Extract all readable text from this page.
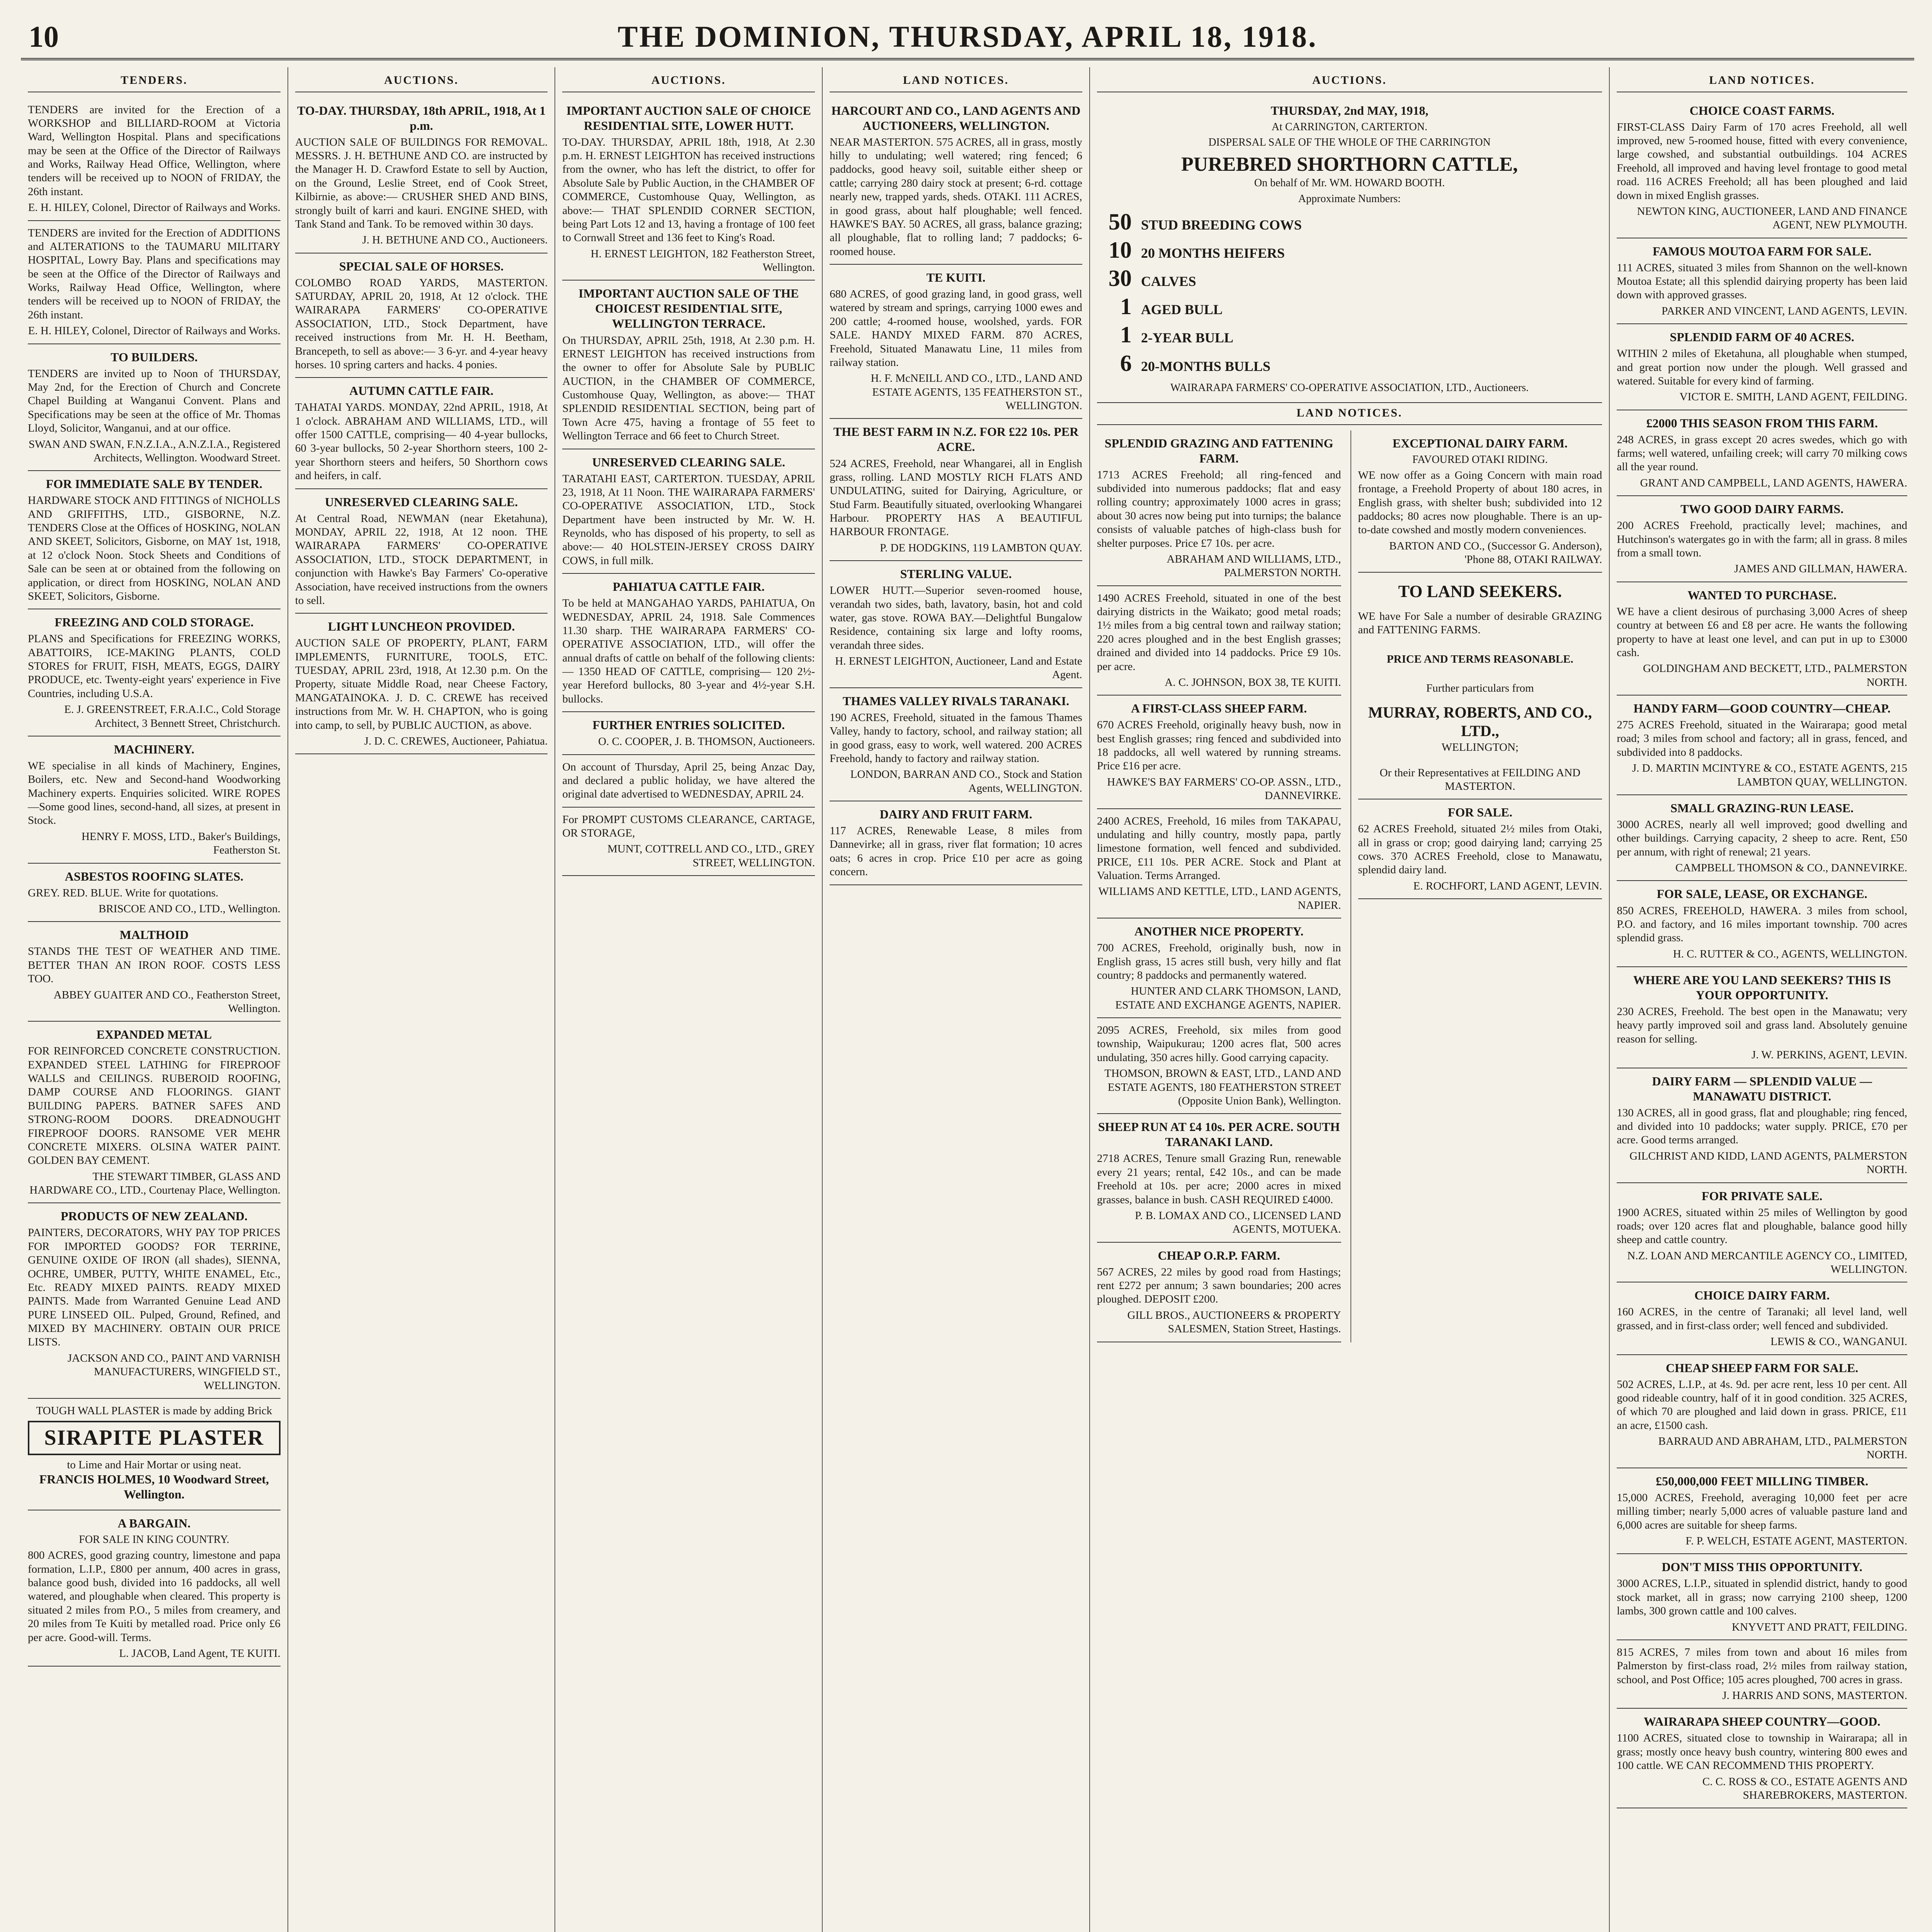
10	THE DOMINION, THURSDAY, APRIL 18, 1918.
TENDERS.
TENDERS are invited for the Erection of a WORKSHOP and BILLIARD-ROOM at Victoria Ward, Wellington Hospital. Plans and specifications may be seen at the Office of the Director of Railways and Works, Railway Head Office, Wellington, where tenders will be received up to NOON of FRIDAY, the 26th instant.
E. H. HILEY, Colonel, Director of Railways and Works.
TENDERS are invited for the Erection of ADDITIONS and ALTERATIONS to the TAUMARU MILITARY HOSPITAL, Lowry Bay. Plans and specifications may be seen at the Office of the Director of Railways and Works, Railway Head Office, Wellington, where tenders will be received up to NOON of FRIDAY, the 26th instant.
E. H. HILEY, Colonel, Director of Railways and Works.
TO BUILDERS.
TENDERS are invited up to Noon of THURSDAY, May 2nd, for the Erection of Church and Concrete Chapel Building at Wanganui Convent. Plans and Specifications may be seen at the office of Mr. Thomas Lloyd, Solicitor, Wanganui, and at our office.
SWAN AND SWAN, F.N.Z.I.A., A.N.Z.I.A., Registered Architects, Wellington. Woodward Street.
FOR IMMEDIATE SALE BY TENDER.
HARDWARE STOCK AND FITTINGS of NICHOLLS AND GRIFFITHS, LTD., GISBORNE, N.Z. TENDERS Close at the Offices of HOSKING, NOLAN AND SKEET, Solicitors, Gisborne, on MAY 1st, 1918, at 12 o'clock Noon. Stock Sheets and Conditions of Sale can be seen at or obtained from the following on application, or direct from HOSKING, NOLAN AND SKEET, Solicitors, Gisborne.
FREEZING AND COLD STORAGE.
PLANS and Specifications for FREEZING WORKS, ABATTOIRS, ICE-MAKING PLANTS, COLD STORES for FRUIT, FISH, MEATS, EGGS, DAIRY PRODUCE, etc. Twenty-eight years' experience in Five Countries, including U.S.A.
E. J. GREENSTREET, F.R.A.I.C., Cold Storage Architect, 3 Bennett Street, Christchurch.
MACHINERY.
WE specialise in all kinds of Machinery, Engines, Boilers, etc. New and Second-hand Woodworking Machinery experts. Enquiries solicited. WIRE ROPES—Some good lines, second-hand, all sizes, at present in Stock.
HENRY F. MOSS, LTD., Baker's Buildings, Featherston St.
ASBESTOS ROOFING SLATES.
GREY. RED. BLUE. Write for quotations.
BRISCOE AND CO., LTD., Wellington.
MALTHOID
STANDS THE TEST OF WEATHER AND TIME. BETTER THAN AN IRON ROOF. COSTS LESS TOO.
ABBEY GUAITER AND CO., Featherston Street, Wellington.
EXPANDED METAL
FOR REINFORCED CONCRETE CONSTRUCTION. EXPANDED STEEL LATHING for FIREPROOF WALLS and CEILINGS. RUBEROID ROOFING, DAMP COURSE AND FLOORINGS. GIANT BUILDING PAPERS. BATNER SAFES AND STRONG-ROOM DOORS. DREADNOUGHT FIREPROOF DOORS. RANSOME VER MEHR CONCRETE MIXERS. OLSINA WATER PAINT. GOLDEN BAY CEMENT.
THE STEWART TIMBER, GLASS AND HARDWARE CO., LTD., Courtenay Place, Wellington.
PRODUCTS OF NEW ZEALAND.
PAINTERS, DECORATORS, WHY PAY TOP PRICES FOR IMPORTED GOODS? FOR TERRINE, GENUINE OXIDE OF IRON (all shades), SIENNA, OCHRE, UMBER, PUTTY, WHITE ENAMEL, Etc., Etc. READY MIXED PAINTS. READY MIXED PAINTS. Made from Warranted Genuine Lead AND PURE LINSEED OIL. Pulped, Ground, Refined, and MIXED BY MACHINERY. OBTAIN OUR PRICE LISTS.
JACKSON AND CO., PAINT AND VARNISH MANUFACTURERS, WINGFIELD ST., WELLINGTON.
TOUGH WALL PLASTER is made by adding Brick
SIRAPITE PLASTER
to Lime and Hair Mortar or using neat.
FRANCIS HOLMES, 10 Woodward Street, Wellington.
A BARGAIN.
FOR SALE IN KING COUNTRY.
800 ACRES, good grazing country, limestone and papa formation, L.I.P., £800 per annum, 400 acres in grass, balance good bush, divided into 16 paddocks, all well watered, and ploughable when cleared. This property is situated 2 miles from P.O., 5 miles from creamery, and 20 miles from Te Kuiti by metalled road. Price only £6 per acre. Good-will. Terms.
L. JACOB, Land Agent, TE KUITI.
AUCTIONS.
TO-DAY. THURSDAY, 18th APRIL, 1918, At 1 p.m.
AUCTION SALE OF BUILDINGS FOR REMOVAL. MESSRS. J. H. BETHUNE AND CO. are instructed by the Manager H. D. Crawford Estate to sell by Auction, on the Ground, Leslie Street, end of Cook Street, Kilbirnie, as above:— CRUSHER SHED AND BINS, strongly built of karri and kauri. ENGINE SHED, with Tank Stand and Tank. To be removed within 30 days.
J. H. BETHUNE AND CO., Auctioneers.
SPECIAL SALE OF HORSES.
COLOMBO ROAD YARDS, MASTERTON. SATURDAY, APRIL 20, 1918, At 12 o'clock. THE WAIRARAPA FARMERS' CO-OPERATIVE ASSOCIATION, LTD., Stock Department, have received instructions from Mr. H. H. Beetham, Brancepeth, to sell as above:— 3 6-yr. and 4-year heavy horses. 10 spring carters and hacks. 4 ponies.
AUTUMN CATTLE FAIR.
TAHATAI YARDS. MONDAY, 22nd APRIL, 1918, At 1 o'clock. ABRAHAM AND WILLIAMS, LTD., will offer 1500 CATTLE, comprising— 40 4-year bullocks, 60 3-year bullocks, 50 2-year Shorthorn steers, 100 2-year Shorthorn steers and heifers, 50 Shorthorn cows and heifers, in calf.
UNRESERVED CLEARING SALE.
At Central Road, NEWMAN (near Eketahuna), MONDAY, APRIL 22, 1918, At 12 noon. THE WAIRARAPA FARMERS' CO-OPERATIVE ASSOCIATION, LTD., STOCK DEPARTMENT, in conjunction with Hawke's Bay Farmers' Co-operative Association, have received instructions from the owners to sell.
LIGHT LUNCHEON PROVIDED.
AUCTION SALE OF PROPERTY, PLANT, FARM IMPLEMENTS, FURNITURE, TOOLS, ETC. TUESDAY, APRIL 23rd, 1918, At 12.30 p.m. On the Property, situate Middle Road, near Cheese Factory, MANGATAINOKA. J. D. C. CREWE has received instructions from Mr. W. H. CHAPTON, who is going into camp, to sell, by PUBLIC AUCTION, as above.
J. D. C. CREWES, Auctioneer, Pahiatua.
AUCTIONS.
IMPORTANT AUCTION SALE OF CHOICE RESIDENTIAL SITE, LOWER HUTT.
TO-DAY. THURSDAY, APRIL 18th, 1918, At 2.30 p.m. H. ERNEST LEIGHTON has received instructions from the owner, who has left the district, to offer for Absolute Sale by Public Auction, in the CHAMBER OF COMMERCE, Customhouse Quay, Wellington, as above:— THAT SPLENDID CORNER SECTION, being Part Lots 12 and 13, having a frontage of 100 feet to Cornwall Street and 136 feet to King's Road.
H. ERNEST LEIGHTON, 182 Featherston Street, Wellington.
IMPORTANT AUCTION SALE OF THE CHOICEST RESIDENTIAL SITE, WELLINGTON TERRACE.
On THURSDAY, APRIL 25th, 1918, At 2.30 p.m. H. ERNEST LEIGHTON has received instructions from the owner to offer for Absolute Sale by PUBLIC AUCTION, in the CHAMBER OF COMMERCE, Customhouse Quay, Wellington, as above:— THAT SPLENDID RESIDENTIAL SECTION, being part of Town Acre 475, having a frontage of 55 feet to Wellington Terrace and 66 feet to Church Street.
UNRESERVED CLEARING SALE.
TARATAHI EAST, CARTERTON. TUESDAY, APRIL 23, 1918, At 11 Noon. THE WAIRARAPA FARMERS' CO-OPERATIVE ASSOCIATION, LTD., Stock Department have been instructed by Mr. W. H. Reynolds, who has disposed of his property, to sell as above:— 40 HOLSTEIN-JERSEY CROSS DAIRY COWS, in full milk.
PAHIATUA CATTLE FAIR.
To be held at MANGAHAO YARDS, PAHIATUA, On WEDNESDAY, APRIL 24, 1918. Sale Commences 11.30 sharp. THE WAIRARAPA FARMERS' CO-OPERATIVE ASSOCIATION, LTD., will offer the annual drafts of cattle on behalf of the following clients:— 1350 HEAD OF CATTLE, comprising— 120 2½-year Hereford bullocks, 80 3-year and 4½-year S.H. bullocks.
FURTHER ENTRIES SOLICITED.
O. C. COOPER, J. B. THOMSON, Auctioneers.
On account of Thursday, April 25, being Anzac Day, and declared a public holiday, we have altered the original date advertised to WEDNESDAY, APRIL 24.
For PROMPT CUSTOMS CLEARANCE, CARTAGE, OR STORAGE,
MUNT, COTTRELL AND CO., LTD., GREY STREET, WELLINGTON.
LAND NOTICES.
HARCOURT AND CO., LAND AGENTS AND AUCTIONEERS, WELLINGTON.
NEAR MASTERTON. 575 ACRES, all in grass, mostly hilly to undulating; well watered; ring fenced; 6 paddocks, good heavy soil, suitable either sheep or cattle; carrying 280 dairy stock at present; 6-rd. cottage nearly new, trapped yards, sheds. OTAKI. 111 ACRES, in good grass, about half ploughable; well fenced. HAWKE'S BAY. 50 ACRES, all grass, balance grazing; all ploughable, flat to rolling land; 7 paddocks; 6-roomed house.
TE KUITI.
680 ACRES, of good grazing land, in good grass, well watered by stream and springs, carrying 1000 ewes and 200 cattle; 4-roomed house, woolshed, yards. FOR SALE. HANDY MIXED FARM. 870 ACRES, Freehold, Situated Manawatu Line, 11 miles from railway station.
H. F. McNEILL AND CO., LTD., LAND AND ESTATE AGENTS, 135 FEATHERSTON ST., WELLINGTON.
THE BEST FARM IN N.Z. FOR £22 10s. PER ACRE.
524 ACRES, Freehold, near Whangarei, all in English grass, rolling. LAND MOSTLY RICH FLATS AND UNDULATING, suited for Dairying, Agriculture, or Stud Farm. Beautifully situated, overlooking Whangarei Harbour. PROPERTY HAS A BEAUTIFUL HARBOUR FRONTAGE.
P. DE HODGKINS, 119 LAMBTON QUAY.
STERLING VALUE.
LOWER HUTT.—Superior seven-roomed house, verandah two sides, bath, lavatory, basin, hot and cold water, gas stove. ROWA BAY.—Delightful Bungalow Residence, containing six large and lofty rooms, verandah three sides.
H. ERNEST LEIGHTON, Auctioneer, Land and Estate Agent.
THAMES VALLEY RIVALS TARANAKI.
190 ACRES, Freehold, situated in the famous Thames Valley, handy to factory, school, and railway station; all in good grass, easy to work, well watered. 200 ACRES Freehold, handy to factory and railway station.
LONDON, BARRAN AND CO., Stock and Station Agents, WELLINGTON.
DAIRY AND FRUIT FARM.
117 ACRES, Renewable Lease, 8 miles from Dannevirke; all in grass, river flat formation; 10 acres oats; 6 acres in crop. Price £10 per acre as going concern.
AUCTIONS.
THURSDAY, 2nd MAY, 1918,
At CARRINGTON, CARTERTON.
DISPERSAL SALE OF THE WHOLE OF THE CARRINGTON
PUREBRED SHORTHORN CATTLE,
On behalf of Mr. WM. HOWARD BOOTH.
Approximate Numbers:
50 STUD BREEDING COWS
10 20 MONTHS HEIFERS
30 CALVES
1 AGED BULL
1 2-YEAR BULL
6 20-MONTHS BULLS
WAIRARAPA FARMERS' CO-OPERATIVE ASSOCIATION, LTD., Auctioneers.
LAND NOTICES.
SPLENDID GRAZING AND FATTENING FARM.
1713 ACRES Freehold; all ring-fenced and subdivided into numerous paddocks; flat and easy rolling country; approximately 1000 acres in grass; about 30 acres now being put into turnips; the balance consists of valuable patches of high-class bush for shelter purposes. Price £7 10s. per acre.
ABRAHAM AND WILLIAMS, LTD., PALMERSTON NORTH.
1490 ACRES Freehold, situated in one of the best dairying districts in the Waikato; good metal roads; 1½ miles from a big central town and railway station; 220 acres ploughed and in the best English grasses; drained and divided into 14 paddocks. Price £9 10s. per acre.
A. C. JOHNSON, BOX 38, TE KUITI.
A FIRST-CLASS SHEEP FARM.
670 ACRES Freehold, originally heavy bush, now in best English grasses; ring fenced and subdivided into 18 paddocks, all well watered by running streams. Price £16 per acre.
HAWKE'S BAY FARMERS' CO-OP. ASSN., LTD., DANNEVIRKE.
2400 ACRES, Freehold, 16 miles from TAKAPAU, undulating and hilly country, mostly papa, partly limestone formation, well fenced and subdivided. PRICE, £11 10s. PER ACRE. Stock and Plant at Valuation. Terms Arranged.
WILLIAMS AND KETTLE, LTD., LAND AGENTS, NAPIER.
ANOTHER NICE PROPERTY.
700 ACRES, Freehold, originally bush, now in English grass, 15 acres still bush, very hilly and flat country; 8 paddocks and permanently watered.
HUNTER AND CLARK THOMSON, LAND, ESTATE AND EXCHANGE AGENTS, NAPIER.
2095 ACRES, Freehold, six miles from good township, Waipukurau; 1200 acres flat, 500 acres undulating, 350 acres hilly. Good carrying capacity.
THOMSON, BROWN & EAST, LTD., LAND AND ESTATE AGENTS, 180 FEATHERSTON STREET (Opposite Union Bank), Wellington.
SHEEP RUN AT £4 10s. PER ACRE. SOUTH TARANAKI LAND.
2718 ACRES, Tenure small Grazing Run, renewable every 21 years; rental, £42 10s., and can be made Freehold at 10s. per acre; 2000 acres in mixed grasses, balance in bush. CASH REQUIRED £4000.
P. B. LOMAX AND CO., LICENSED LAND AGENTS, MOTUEKA.
CHEAP O.R.P. FARM.
567 ACRES, 22 miles by good road from Hastings; rent £272 per annum; 3 sawn boundaries; 200 acres ploughed. DEPOSIT £200.
GILL BROS., AUCTIONEERS & PROPERTY SALESMEN, Station Street, Hastings.
EXCEPTIONAL DAIRY FARM.
FAVOURED OTAKI RIDING.
WE now offer as a Going Concern with main road frontage, a Freehold Property of about 180 acres, in English grass, with shelter bush; subdivided into 12 paddocks; 80 acres now ploughable. There is an up-to-date cowshed and mostly modern conveniences.
BARTON AND CO., (Successor G. Anderson), 'Phone 88, OTAKI RAILWAY.
TO LAND SEEKERS.
WE have For Sale a number of desirable GRAZING and FATTENING FARMS.
PRICE AND TERMS REASONABLE.
Further particulars from
MURRAY, ROBERTS, AND CO., LTD.,
WELLINGTON;
Or their Representatives at FEILDING AND MASTERTON.
FOR SALE.
62 ACRES Freehold, situated 2½ miles from Otaki, all in grass or crop; good dairying land; carrying 25 cows. 370 ACRES Freehold, close to Manawatu, splendid dairy land.
E. ROCHFORT, LAND AGENT, LEVIN.
LAND NOTICES.
CHOICE COAST FARMS.
FIRST-CLASS Dairy Farm of 170 acres Freehold, all well improved, new 5-roomed house, fitted with every convenience, large cowshed, and substantial outbuildings. 104 ACRES Freehold, all improved and having level frontage to good metal road. 116 ACRES Freehold; all has been ploughed and laid down in mixed English grasses.
NEWTON KING, AUCTIONEER, LAND AND FINANCE AGENT, NEW PLYMOUTH.
FAMOUS MOUTOA FARM FOR SALE.
111 ACRES, situated 3 miles from Shannon on the well-known Moutoa Estate; all this splendid dairying property has been laid down with approved grasses.
PARKER AND VINCENT, LAND AGENTS, LEVIN.
SPLENDID FARM OF 40 ACRES.
WITHIN 2 miles of Eketahuna, all ploughable when stumped, and great portion now under the plough. Well grassed and watered. Suitable for every kind of farming.
VICTOR E. SMITH, LAND AGENT, FEILDING.
£2000 THIS SEASON FROM THIS FARM.
248 ACRES, in grass except 20 acres swedes, which go with farms; well watered, unfailing creek; will carry 70 milking cows all the year round.
GRANT AND CAMPBELL, LAND AGENTS, HAWERA.
TWO GOOD DAIRY FARMS.
200 ACRES Freehold, practically level; machines, and Hutchinson's watergates go in with the farm; all in grass. 8 miles from a small town.
JAMES AND GILLMAN, HAWERA.
WANTED TO PURCHASE.
WE have a client desirous of purchasing 3,000 Acres of sheep country at between £6 and £8 per acre. He wants the following property to have at least one level, and can put in up to £3000 cash.
GOLDINGHAM AND BECKETT, LTD., PALMERSTON NORTH.
HANDY FARM—GOOD COUNTRY—CHEAP.
275 ACRES Freehold, situated in the Wairarapa; good metal road; 3 miles from school and factory; all in grass, fenced, and subdivided into 8 paddocks.
J. D. MARTIN MCINTYRE & CO., ESTATE AGENTS, 215 LAMBTON QUAY, WELLINGTON.
SMALL GRAZING-RUN LEASE.
3000 ACRES, nearly all well improved; good dwelling and other buildings. Carrying capacity, 2 sheep to acre. Rent, £50 per annum, with right of renewal; 21 years.
CAMPBELL THOMSON & CO., DANNEVIRKE.
FOR SALE, LEASE, OR EXCHANGE.
850 ACRES, FREEHOLD, HAWERA. 3 miles from school, P.O. and factory, and 16 miles important township. 700 acres splendid grass.
H. C. RUTTER & CO., AGENTS, WELLINGTON.
WHERE ARE YOU LAND SEEKERS? THIS IS YOUR OPPORTUNITY.
230 ACRES, Freehold. The best open in the Manawatu; very heavy partly improved soil and grass land. Absolutely genuine reason for selling.
J. W. PERKINS, AGENT, LEVIN.
DAIRY FARM — SPLENDID VALUE — MANAWATU DISTRICT.
130 ACRES, all in good grass, flat and ploughable; ring fenced, and divided into 10 paddocks; water supply. PRICE, £70 per acre. Good terms arranged.
GILCHRIST AND KIDD, LAND AGENTS, PALMERSTON NORTH.
FOR PRIVATE SALE.
1900 ACRES, situated within 25 miles of Wellington by good roads; over 120 acres flat and ploughable, balance good hilly sheep and cattle country.
N.Z. LOAN AND MERCANTILE AGENCY CO., LIMITED, WELLINGTON.
CHOICE DAIRY FARM.
160 ACRES, in the centre of Taranaki; all level land, well grassed, and in first-class order; well fenced and subdivided.
LEWIS & CO., WANGANUI.
CHEAP SHEEP FARM FOR SALE.
502 ACRES, L.I.P., at 4s. 9d. per acre rent, less 10 per cent. All good rideable country, half of it in good condition. 325 ACRES, of which 70 are ploughed and laid down in grass. PRICE, £11 an acre, £1500 cash.
BARRAUD AND ABRAHAM, LTD., PALMERSTON NORTH.
£50,000,000 FEET MILLING TIMBER.
15,000 ACRES, Freehold, averaging 10,000 feet per acre milling timber; nearly 5,000 acres of valuable pasture land and 6,000 acres are suitable for sheep farms.
F. P. WELCH, ESTATE AGENT, MASTERTON.
DON'T MISS THIS OPPORTUNITY.
3000 ACRES, L.I.P., situated in splendid district, handy to good stock market, all in grass; now carrying 2100 sheep, 1200 lambs, 300 grown cattle and 100 calves.
KNYVETT AND PRATT, FEILDING.
815 ACRES, 7 miles from town and about 16 miles from Palmerston by first-class road, 2½ miles from railway station, school, and Post Office; 105 acres ploughed, 700 acres in grass.
J. HARRIS AND SONS, MASTERTON.
WAIRARAPA SHEEP COUNTRY—GOOD.
1100 ACRES, situated close to township in Wairarapa; all in grass; mostly once heavy bush country, wintering 800 ewes and 100 cattle. WE CAN RECOMMEND THIS PROPERTY.
C. C. ROSS & CO., ESTATE AGENTS AND SHAREBROKERS, MASTERTON.
